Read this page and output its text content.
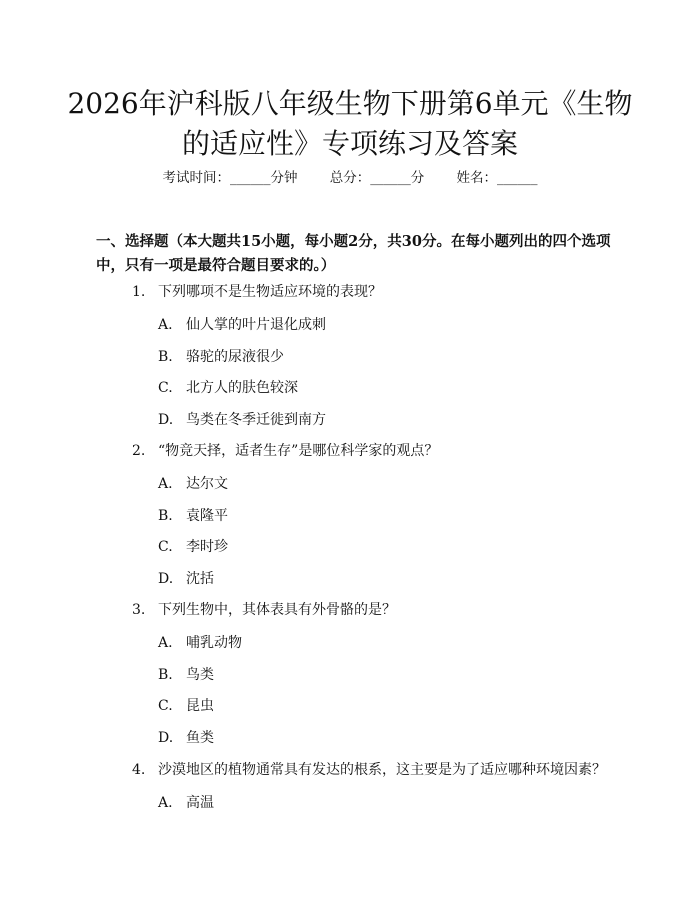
2026年沪科版八年级生物下册第6单元《生物的适应性》专项练习及答案
考试时间：______分钟 总分：______分 姓名：______

一、选择题（本大题共15小题，每小题2分，共30分。在每小题列出的四个选项中，只有一项是最符合题目要求的。）

1. 下列哪项不是生物适应环境的表现？
A. 仙人掌的叶片退化成刺
B. 骆驼的尿液很少
C. 北方人的肤色较深
D. 鸟类在冬季迁徙到南方
2. “物竞天择，适者生存”是哪位科学家的观点？
A. 达尔文
B. 袁隆平
C. 李时珍
D. 沈括
3. 下列生物中，其体表具有外骨骼的是？
A. 哺乳动物
B. 鸟类
C. 昆虫
D. 鱼类
4. 沙漠地区的植物通常具有发达的根系，这主要是为了适应哪种环境因素？
A. 高温
